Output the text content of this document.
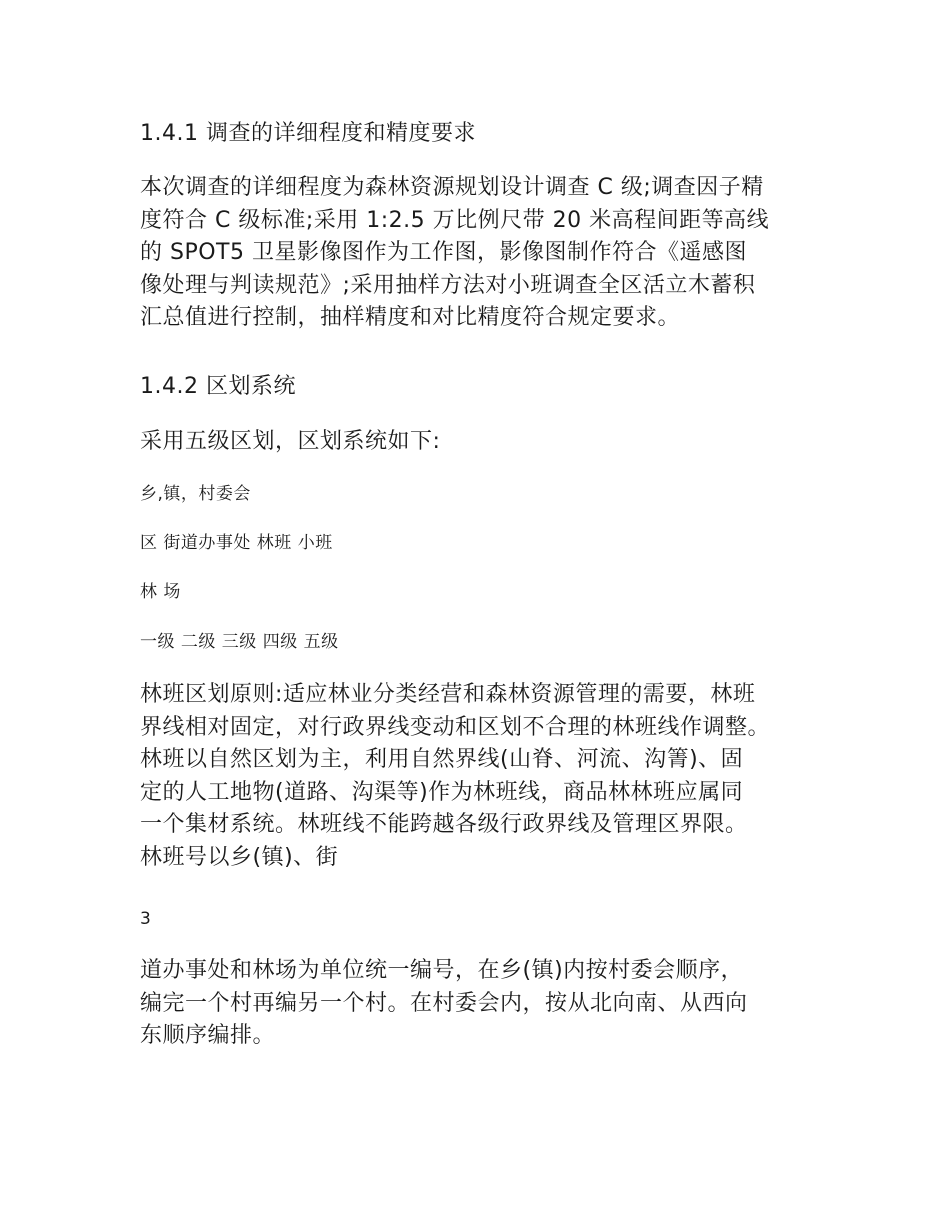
1.4.1 调查的详细程度和精度要求
本次调查的详细程度为森林资源规划设计调查 C 级;调查因子精
度符合 C 级标准;采用 1:2.5 万比例尺带 20 米高程间距等高线
的 SPOT5 卫星影像图作为工作图，影像图制作符合《遥感图
像处理与判读规范》;采用抽样方法对小班调查全区活立木蓄积
汇总值进行控制，抽样精度和对比精度符合规定要求。
1.4.2 区划系统
采用五级区划，区划系统如下:
乡,镇，村委会
区 街道办事处 林班 小班
林 场
一级 二级 三级 四级 五级
林班区划原则:适应林业分类经营和森林资源管理的需要，林班
界线相对固定，对行政界线变动和区划不合理的林班线作调整。
林班以自然区划为主，利用自然界线(山脊、河流、沟箐)、固
定的人工地物(道路、沟渠等)作为林班线，商品林林班应属同
一个集材系统。林班线不能跨越各级行政界线及管理区界限。
林班号以乡(镇)、街
3
道办事处和林场为单位统一编号，在乡(镇)内按村委会顺序，
编完一个村再编另一个村。在村委会内，按从北向南、从西向
东顺序编排。
